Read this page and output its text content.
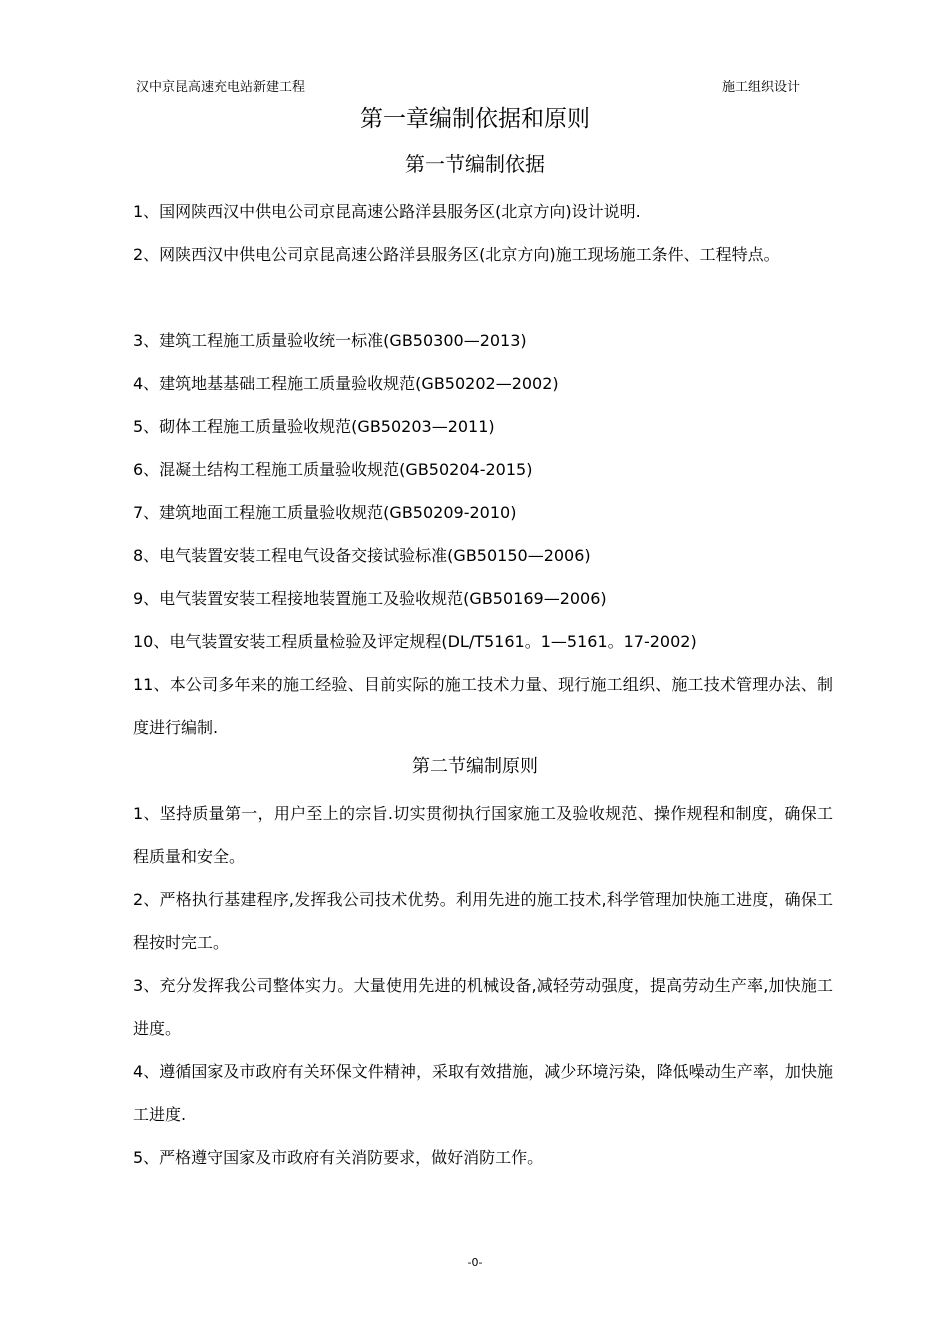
汉中京昆高速充电站新建工程	施工组织设计
第一章编制依据和原则
第一节编制依据
1、国网陕西汉中供电公司京昆高速公路洋县服务区(北京方向)设计说明.
2、网陕西汉中供电公司京昆高速公路洋县服务区(北京方向)施工现场施工条件、工程特点。
3、建筑工程施工质量验收统一标准(GB50300—2013)
4、建筑地基基础工程施工质量验收规范(GB50202—2002)
5、砌体工程施工质量验收规范(GB50203—2011)
6、混凝土结构工程施工质量验收规范(GB50204-2015)
7、建筑地面工程施工质量验收规范(GB50209-2010)
8、电气装置安装工程电气设备交接试验标准(GB50150—2006)
9、电气装置安装工程接地装置施工及验收规范(GB50169—2006)
10、电气装置安装工程质量检验及评定规程(DL/T5161。1—5161。17-2002)
11、本公司多年来的施工经验、目前实际的施工技术力量、现行施工组织、施工技术管理办法、制度进行编制.
第二节编制原则
1、坚持质量第一，用户至上的宗旨.切实贯彻执行国家施工及验收规范、操作规程和制度，确保工程质量和安全。
2、严格执行基建程序,发挥我公司技术优势。利用先进的施工技术,科学管理加快施工进度，确保工程按时完工。
3、充分发挥我公司整体实力。大量使用先进的机械设备,减轻劳动强度，提高劳动生产率,加快施工进度。
4、遵循国家及市政府有关环保文件精神，采取有效措施，减少环境污染，降低噪动生产率，加快施工进度.
5、严格遵守国家及市政府有关消防要求，做好消防工作。
-0-
